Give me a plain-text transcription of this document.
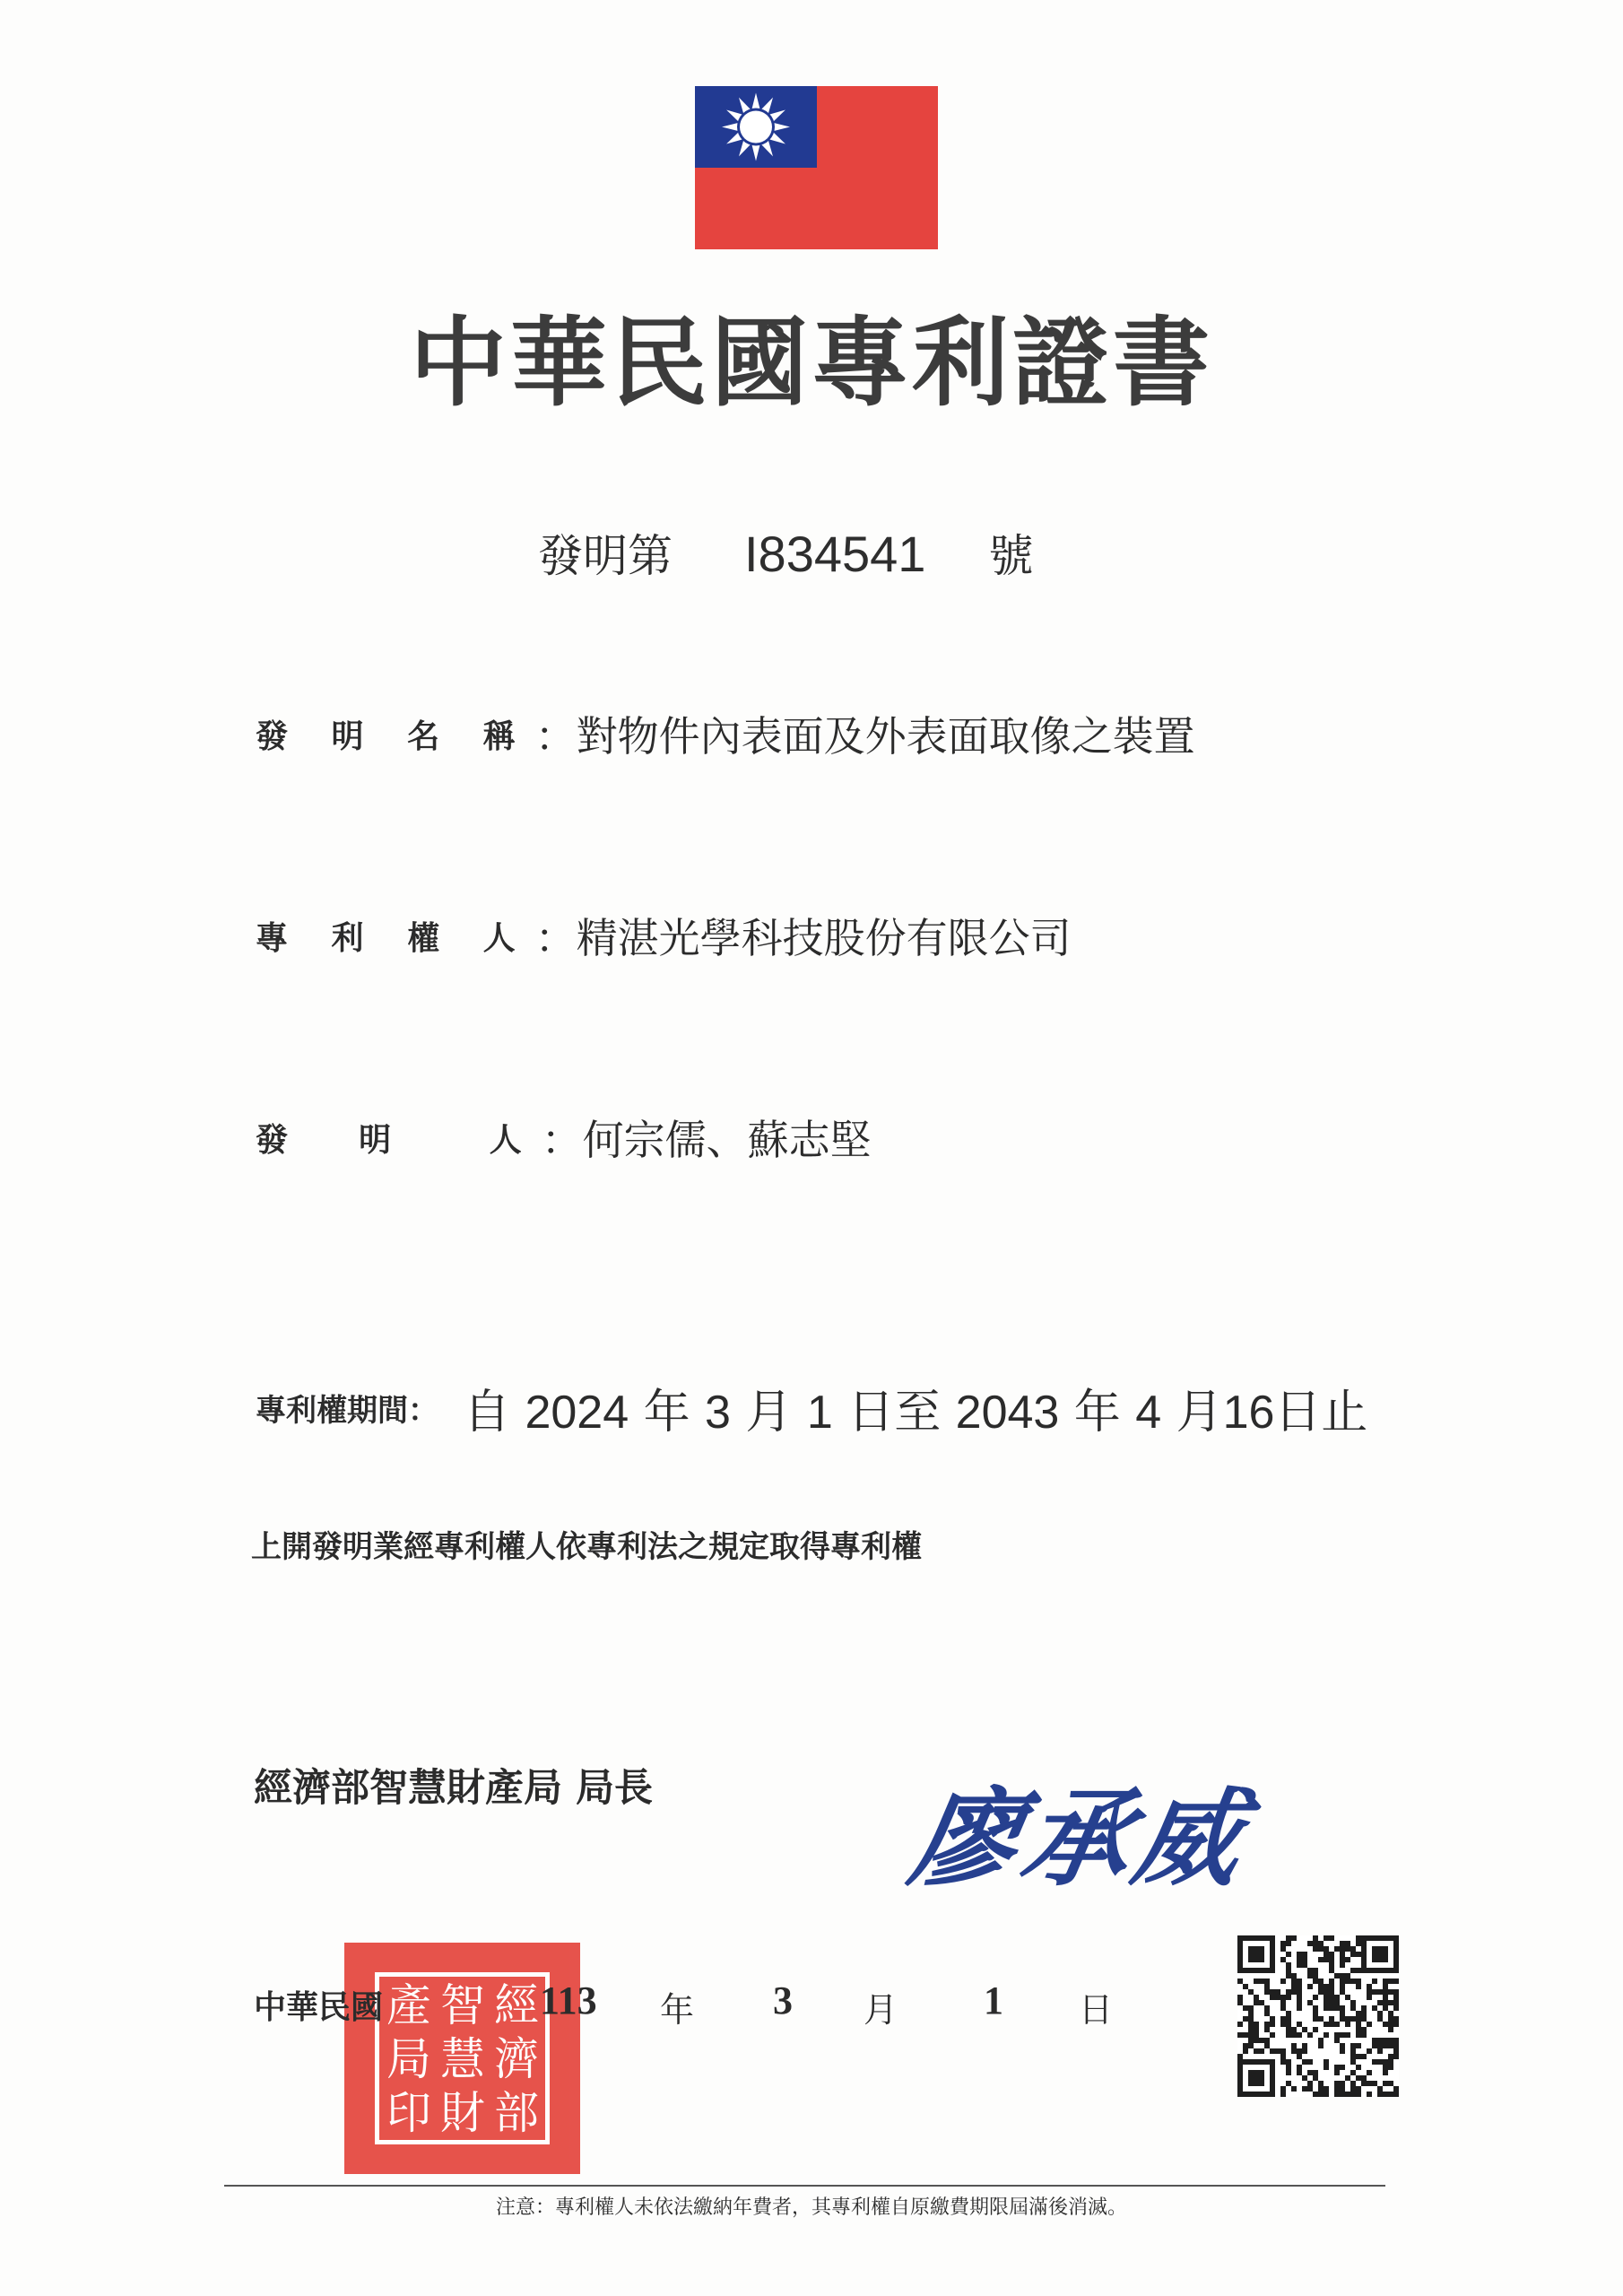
中華民國專利證書
發明第 I834541 號
發 明 名 稱：對物件內表面及外表面取像之裝置
專 利 權 人：精湛光學科技股份有限公司
發  明   人：何宗儒、蘇志堅
專利權期間： 自 2024 年 3 月 1 日至 2043 年 4 月16日止
上開發明業經專利權人依專利法之規定取得專利權
經濟部智慧財產局 局長 廖承威
產 智 經
局 慧 濟
印 財 部
中華民國	113 年 3 月 1 日
注意：專利權人未依法繳納年費者，其專利權自原繳費期限屆滿後消滅。
